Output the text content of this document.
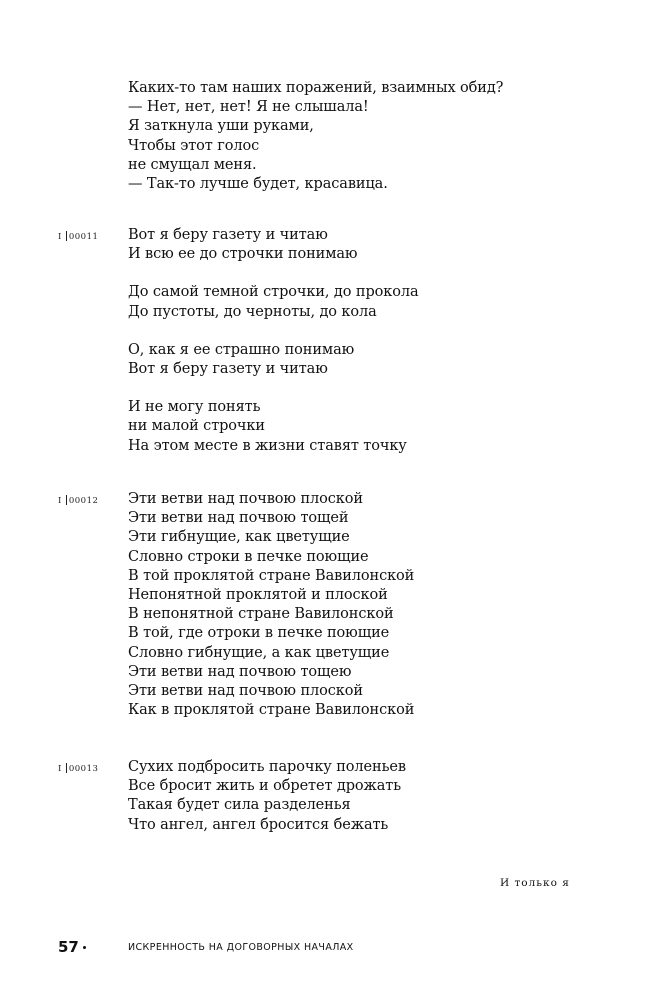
Каких-то там наших поражений, взаимных обид?
— Нет, нет, нет! Я не слышала!
Я заткнула уши руками,
Чтобы этот голос
не смущал меня.
— Так-то лучше будет, красавица.
I 00011 Вот я беру газету и читаю
И всю ее до строчки понимаю
До самой темной строчки, до прокола
До пустоты, до черноты, до кола
О, как я ее страшно понимаю
Вот я беру газету и читаю
И не могу понять
ни малой строчки
На этом месте в жизни ставят точку
I 00012 Эти ветви над почвою плоской
Эти ветви над почвою тощей
Эти гибнущие, как цветущие
Словно строки в печке поющие
В той проклятой стране Вавилонской
Непонятной проклятой и плоской
В непонятной стране Вавилонской
В той, где отроки в печке поющие
Словно гибнущие, а как цветущие
Эти ветви над почвою тощею
Эти ветви над почвою плоской
Как в проклятой стране Вавилонской
I 00013 Сухих подбросить парочку поленьев
Все бросит жить и обретет дрожать
Такая будет сила разделенья
Что ангел, ангел бросится бежать
И только я
57	ИСКРЕННОСТЬ НА ДОГОВОРНЫХ НАЧАЛАХ
